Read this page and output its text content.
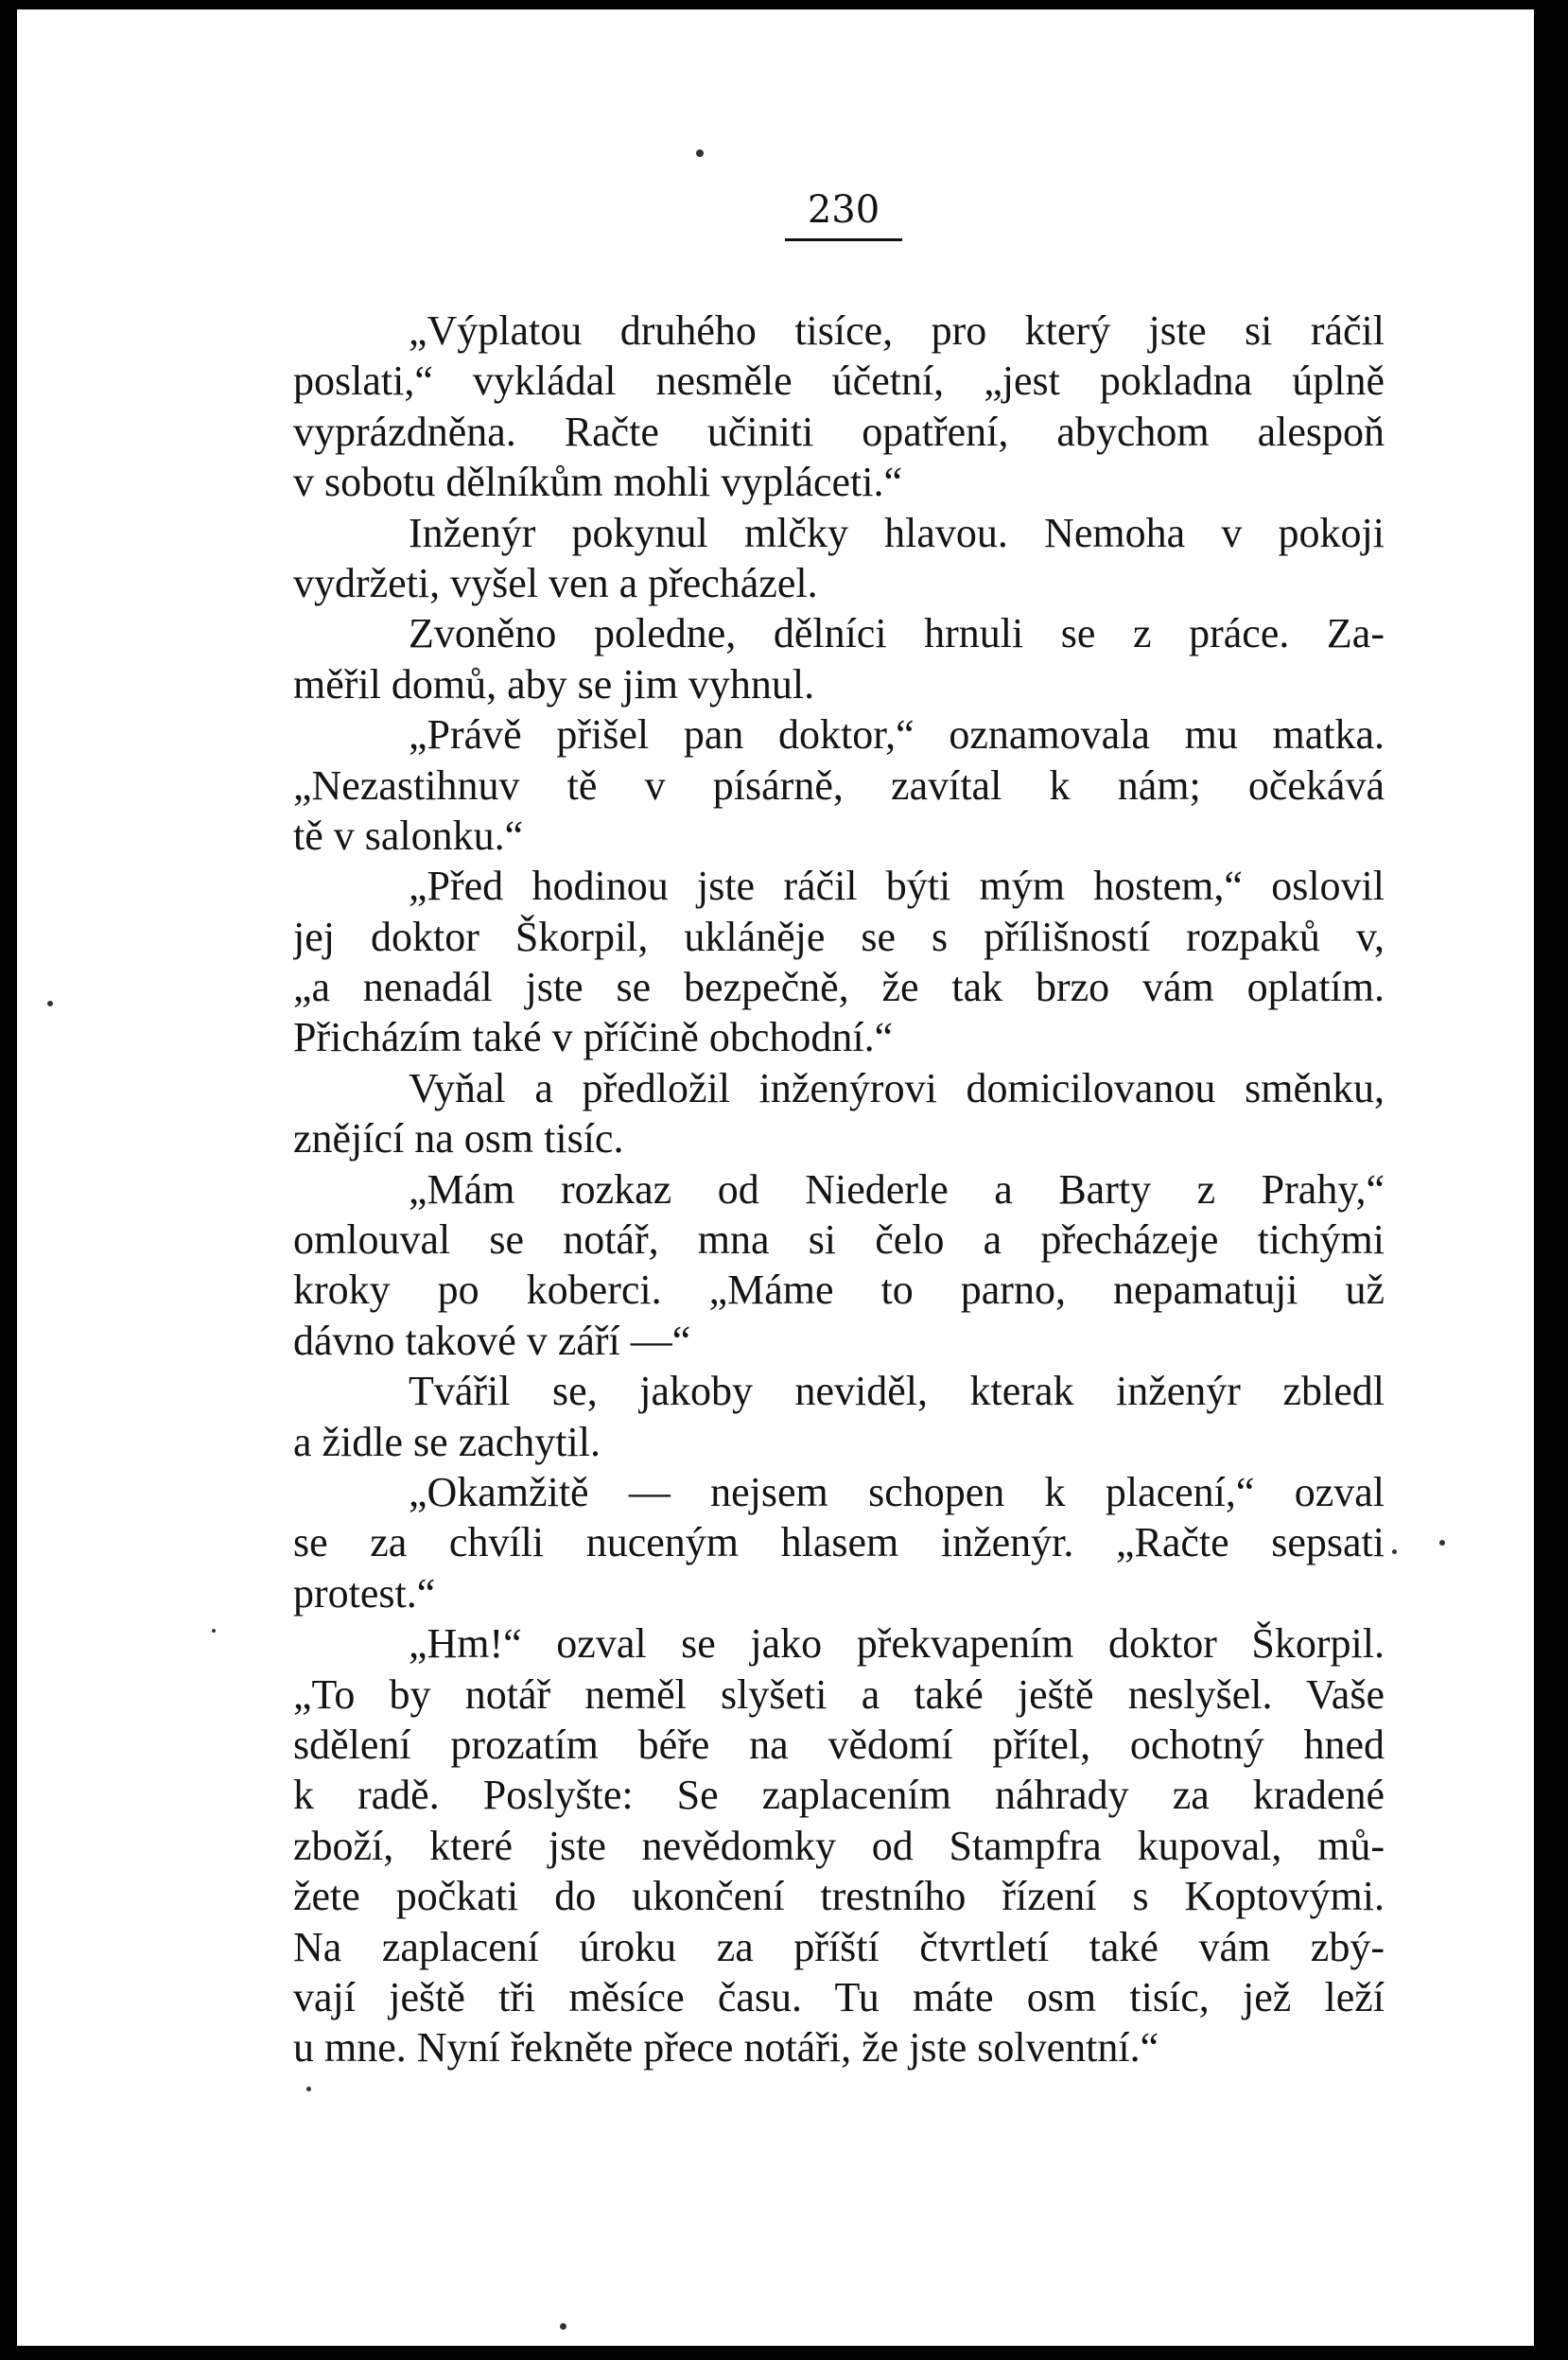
230
„Výplatou druhého tisíce, pro který jste si ráčil
poslati,“ vykládal nesměle účetní, „jest pokladna úplně
vyprázdněna. Račte učiniti opatření, abychom alespoň
v sobotu dělníkům mohli vypláceti.“
Inženýr pokynul mlčky hlavou. Nemoha v pokoji
vydržeti, vyšel ven a přecházel.
Zvoněno poledne, dělníci hrnuli se z práce. Za-
měřil domů, aby se jim vyhnul.
„Právě přišel pan doktor,“ oznamovala mu matka.
„Nezastihnuv tě v písárně, zavítal k nám; očekává
tě v salonku.“
„Před hodinou jste ráčil býti mým hostem,“ oslovil
jej doktor Škorpil, ukláněje se s přílišností rozpaků v,
„a nenadál jste se bezpečně, že tak brzo vám oplatím.
Přicházím také v příčině obchodní.“
Vyňal a předložil inženýrovi domicilovanou směnku,
znějící na osm tisíc.
„Mám rozkaz od Niederle a Barty z Prahy,“
omlouval se notář, mna si čelo a přecházeje tichými
kroky po koberci. „Máme to parno, nepamatuji už
dávno takové v září —“
Tvářil se, jakoby neviděl, kterak inženýr zbledl
a židle se zachytil.
„Okamžitě — nejsem schopen k placení,“ ozval
se za chvíli nuceným hlasem inženýr. „Račte sepsati
protest.“
„Hm!“ ozval se jako překvapením doktor Škorpil.
„To by notář neměl slyšeti a také ještě neslyšel. Vaše
sdělení prozatím béře na vědomí přítel, ochotný hned
k radě. Poslyšte: Se zaplacením náhrady za kradené
zboží, které jste nevědomky od Stampfra kupoval, mů-
žete počkati do ukončení trestního řízení s Koptovými.
Na zaplacení úroku za příští čtvrtletí také vám zbý-
vají ještě tři měsíce času. Tu máte osm tisíc, jež leží
u mne. Nyní řekněte přece notáři, že jste solventní.“
